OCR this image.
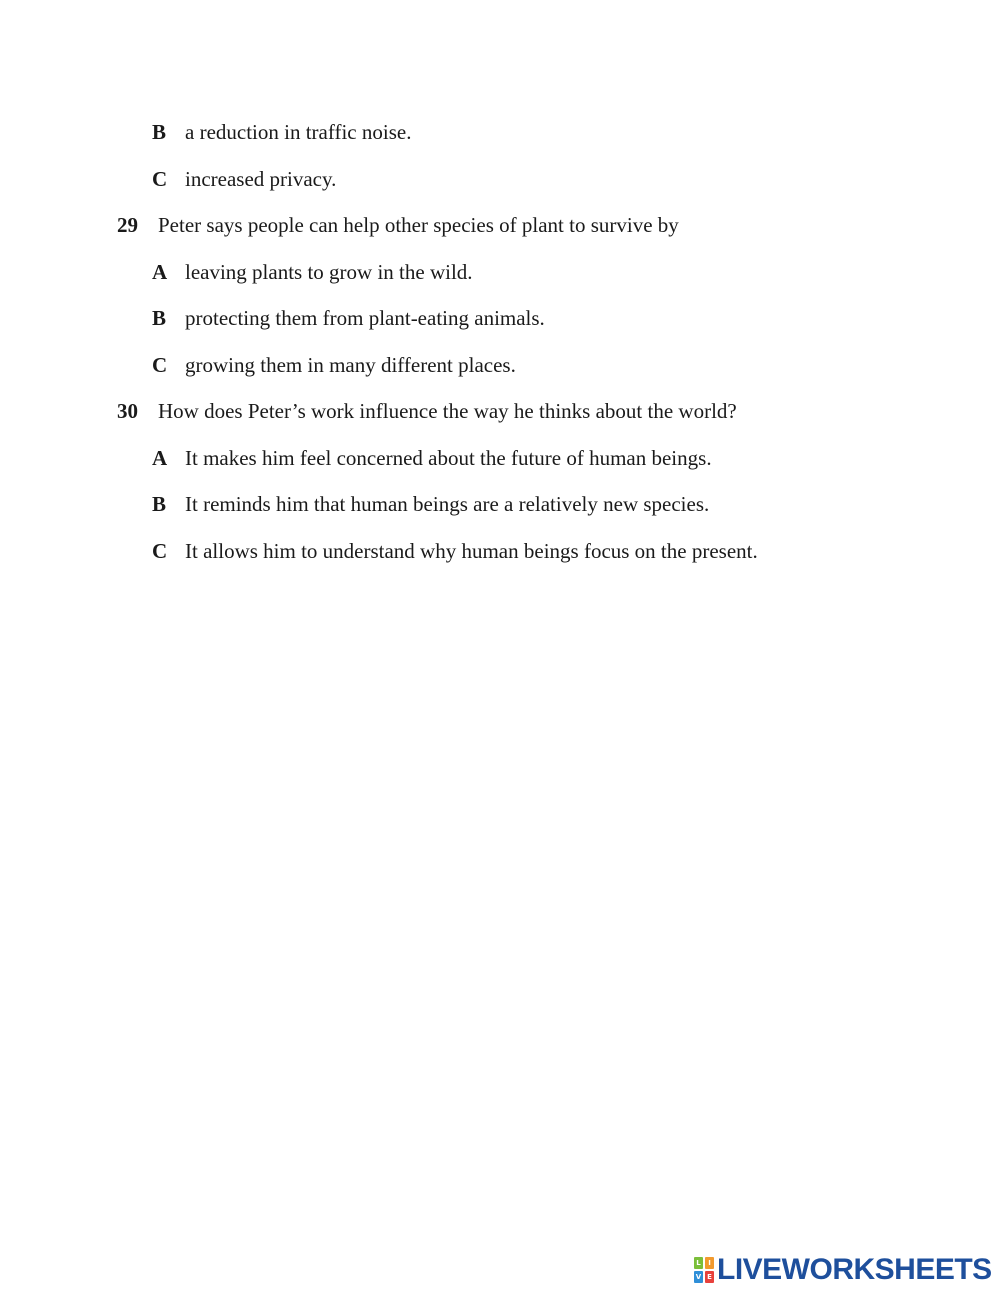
B a reduction in traffic noise.
C increased privacy.
29 Peter says people can help other species of plant to survive by
A leaving plants to grow in the wild.
B protecting them from plant-eating animals.
C growing them in many different places.
30 How does Peter’s work influence the way he thinks about the world?
A It makes him feel concerned about the future of human beings.
B It reminds him that human beings are a relatively new species.
C It allows him to understand why human beings focus on the present.
L	I
V E LIVEWORKSHEETS
